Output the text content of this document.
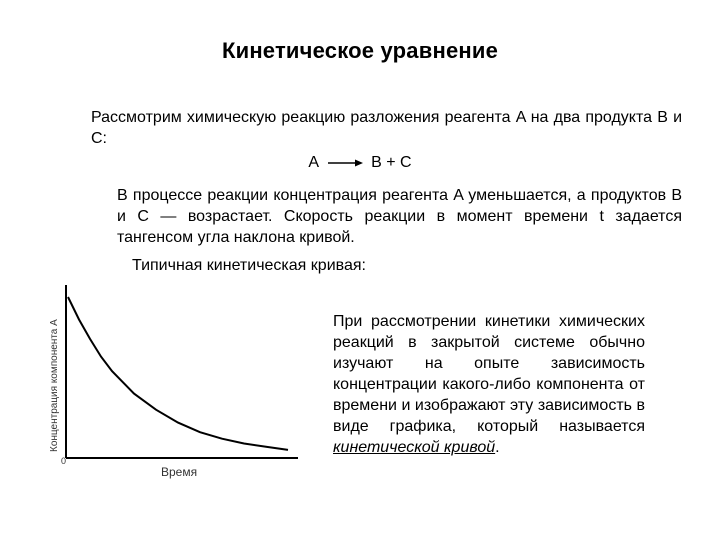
Кинетическое уравнение
Рассмотрим химическую реакцию разложения реагента A на два продукта B и C:
A → B + C
В процессе реакции концентрация реагента A уменьшается, а продуктов B и C — возрастает. Скорость реакции в момент времени t задается тангенсом угла наклона кривой.
Типичная кинетическая кривая:
Время
0
Концентрация компонента A	При рассмотрении кинетики химических реакций в закрытой системе обычно изучают на опыте зависимость концентрации какого-либо компонента от времени и изображают эту зависимость в виде графика, который называется кинетической кривой.
